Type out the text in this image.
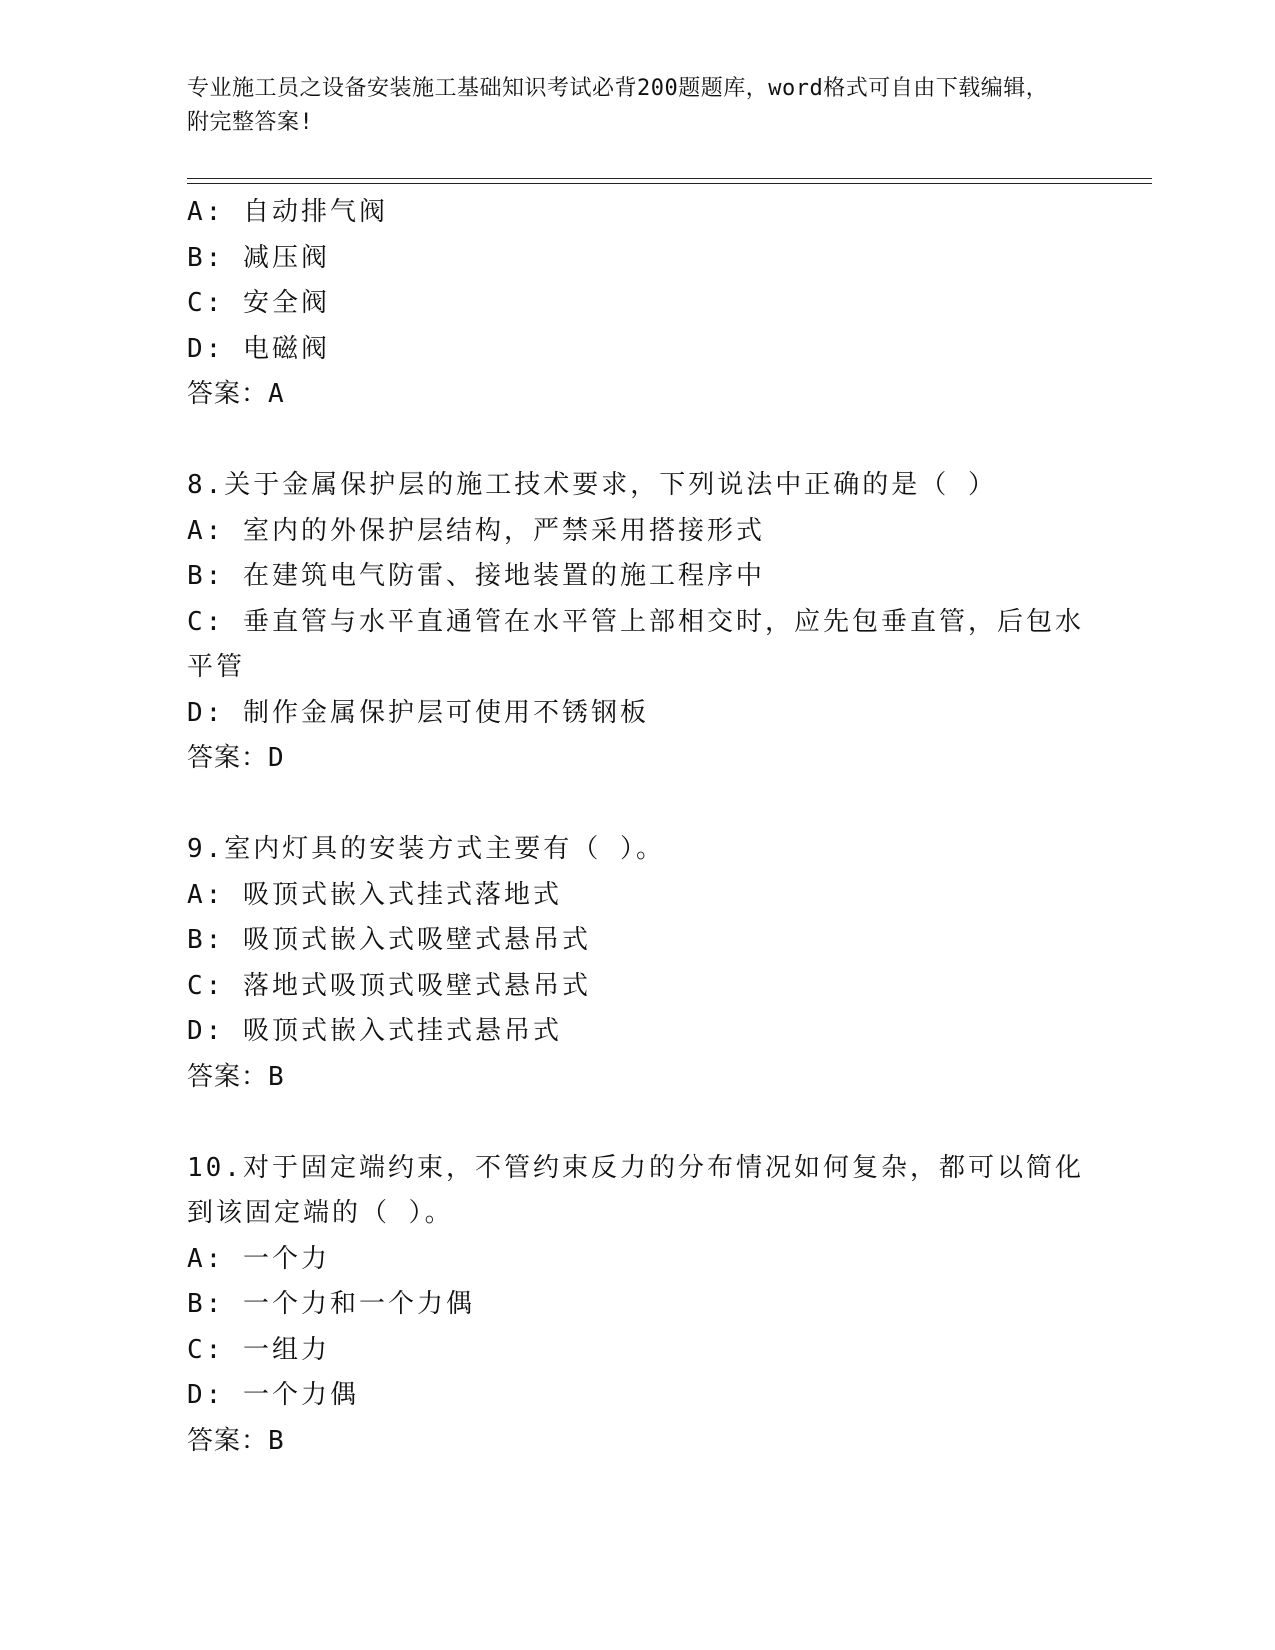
专业施工员之设备安装施工基础知识考试必背200题题库，word格式可自由下载编辑，附完整答案!
A: 自动排气阀
B: 减压阀
C: 安全阀
D: 电磁阀
答案：A
8.关于金属保护层的施工技术要求，下列说法中正确的是（ ）
A: 室内的外保护层结构，严禁采用搭接形式
B: 在建筑电气防雷、接地装置的施工程序中
C: 垂直管与水平直通管在水平管上部相交时，应先包垂直管，后包水平管
D: 制作金属保护层可使用不锈钢板
答案：D
9.室内灯具的安装方式主要有（ ）。
A: 吸顶式嵌入式挂式落地式
B: 吸顶式嵌入式吸壁式悬吊式
C: 落地式吸顶式吸壁式悬吊式
D: 吸顶式嵌入式挂式悬吊式
答案：B
10.对于固定端约束，不管约束反力的分布情况如何复杂，都可以简化到该固定端的（ ）。
A: 一个力
B: 一个力和一个力偶
C: 一组力
D: 一个力偶
答案：B
